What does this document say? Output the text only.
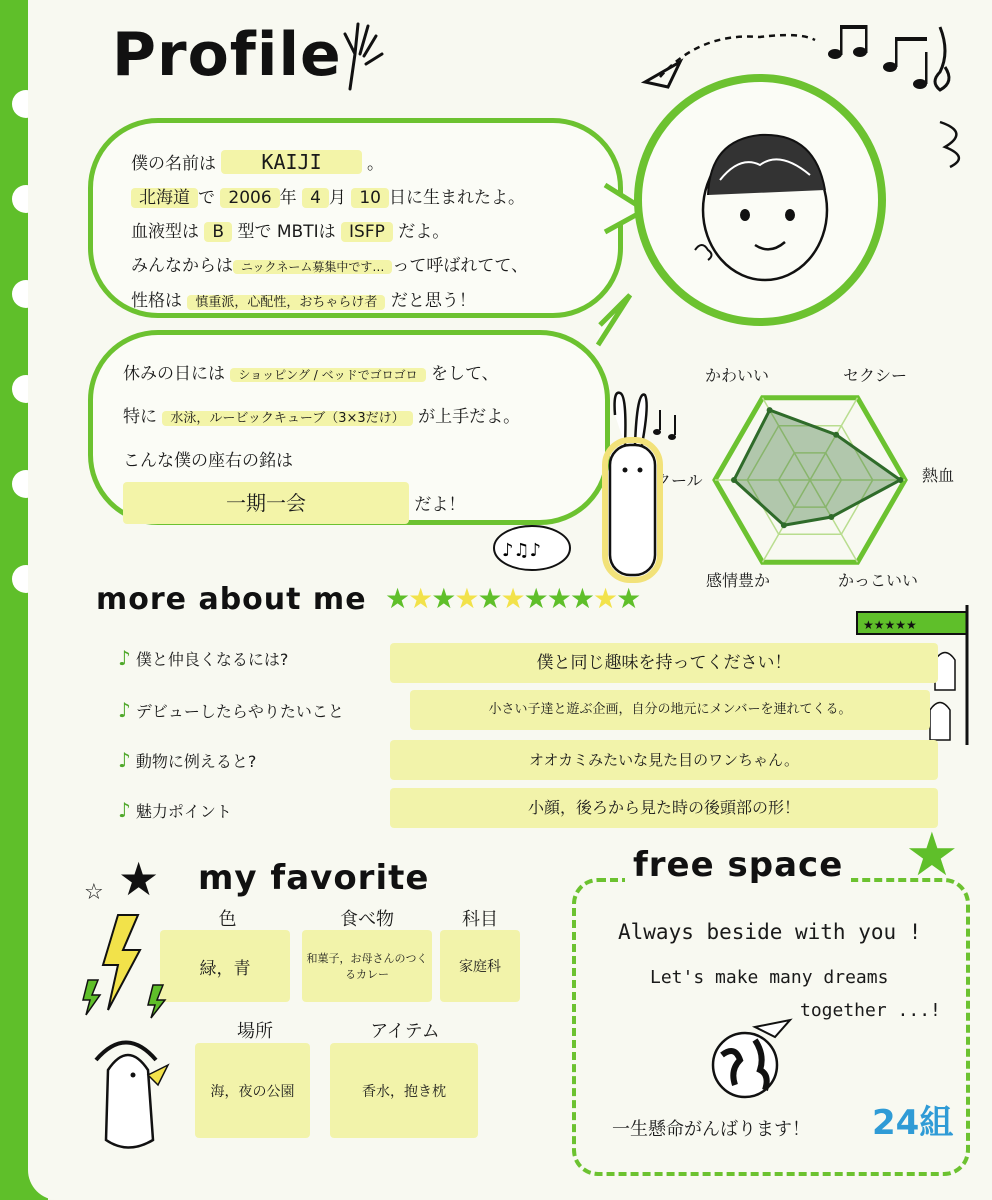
Profile
僕の名前は KAIJI	。
北海道 で 2006 年 4 月 10 日に生まれたよ。
血液型は B 型で MBTIは ISFP だよ。
みんなからは ニックネーム募集中です… って呼ばれてて、
性格は 慎重派，心配性，おちゃらけ者 だと思う！
休みの日には ショッピング / ベッドでゴロゴロ をして、
特に 水泳，ルービックキューブ（3×3だけ） が上手だよ。
こんな僕の座右の銘は
一期一会	だよ！
かわいい	セクシー
熱血
かっこいい
感情豊か
クール
♪♫♪
more about me ★★★★★★★★★★★
★★★★★
♪ 僕と仲良くなるには?	僕と同じ趣味を持ってください！
♪ デビューしたらやりたいこと	小さい子達と遊ぶ企画，自分の地元にメンバーを連れてくる。
♪ 動物に例えると?	オオカミみたいな見た目のワンちゃん。
♪ 魅力ポイント	小顔，後ろから見た時の後頭部の形！
★
☆	my favorite
色
緑，青
食べ物
和菓子，お母さんのつくるカレー
科目
家庭科
場所
海，夜の公園
アイテム
香水，抱き枕
free space ★
Always beside with you !
Let's make many dreams
together ...!
一生懸命がんばります！ 24組
